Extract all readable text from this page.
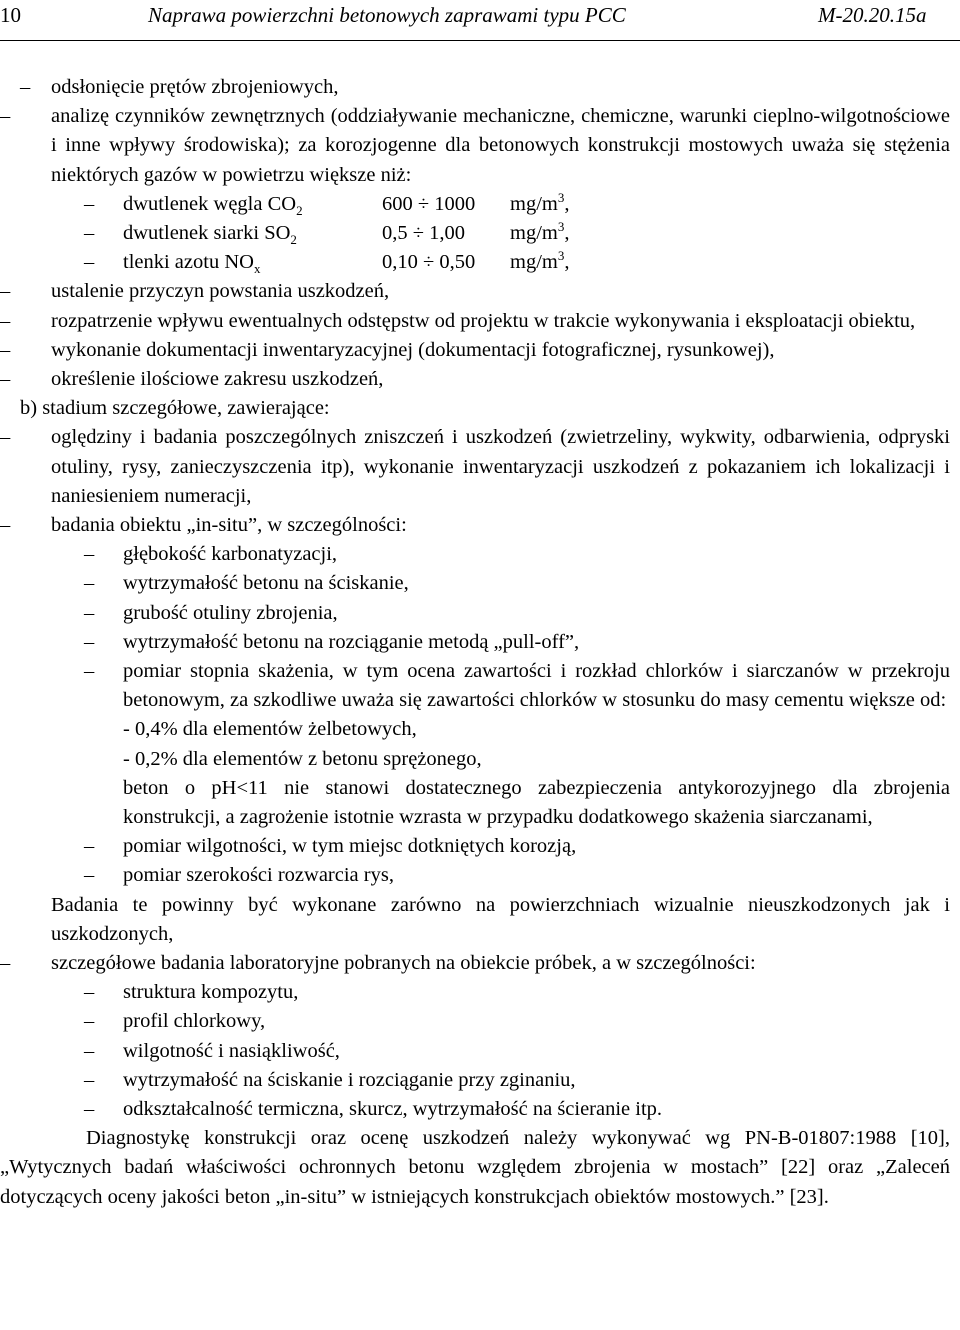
10	Naprawa powierzchni betonowych zaprawami typu PCC	M-20.20.15a

– odsłonięcie prętów zbrojeniowych,

– analizę czynników zewnętrznych (oddziaływanie mechaniczne, chemiczne, warunki cieplno-wilgotnościowe i inne wpływy środowiska); za korozjogenne dla betonowych konstrukcji mostowych uważa się stężenia niektórych gazów w powietrzu większe niż:

– dwutlenek węgla $CO_2$	600 ÷ 1000 $mg/m^3$,
– dwutlenek siarki $SO_2$	0,5 ÷ 1,00 $mg/m^3$,
– tlenki azotu $NO_x$	0,10 ÷ 0,50 $mg/m^3$,

– ustalenie przyczyn powstania uszkodzeń,

– rozpatrzenie wpływu ewentualnych odstępstw od projektu w trakcie wykonywania i eksploatacji obiektu,

– wykonanie dokumentacji inwentaryzacyjnej (dokumentacji fotograficznej, rysunkowej),

– określenie ilościowe zakresu uszkodzeń,

b) stadium szczegółowe, zawierające:

– oględziny i badania poszczególnych zniszczeń i uszkodzeń (zwietrzeliny, wykwity, odbarwienia, odpryski otuliny, rysy, zanieczyszczenia itp), wykonanie inwentaryzacji uszkodzeń z pokazaniem ich lokalizacji i naniesieniem numeracji,

– badania obiektu „in-situ”, w szczególności:

– głębokość karbonatyzacji,

– wytrzymałość betonu na ściskanie,

– grubość otuliny zbrojenia,

– wytrzymałość betonu na rozciąganie metodą „pull-off”,

– pomiar stopnia skażenia, w tym ocena zawartości i rozkład chlorków i siarczanów w przekroju betonowym, za szkodliwe uważa się zawartości chlorków w stosunku do masy cementu większe od:

- 0,4% dla elementów żelbetowych,

- 0,2% dla elementów z betonu sprężonego,

beton o pH<11 nie stanowi dostatecznego zabezpieczenia antykorozyjnego dla zbrojenia konstrukcji, a zagrożenie istotnie wzrasta w przypadku dodatkowego skażenia siarczanami,

– pomiar wilgotności, w tym miejsc dotkniętych korozją,

– pomiar szerokości rozwarcia rys,

Badania te powinny być wykonane zarówno na powierzchniach wizualnie nieuszkodzonych jak i uszkodzonych,

– szczegółowe badania laboratoryjne pobranych na obiekcie próbek, a w szczególności:

– struktura kompozytu,

– profil chlorkowy,

– wilgotność i nasiąkliwość,

– wytrzymałość na ściskanie i rozciąganie przy zginaniu,

– odkształcalność termiczna, skurcz, wytrzymałość na ścieranie itp.

Diagnostykę konstrukcji oraz ocenę uszkodzeń należy wykonywać wg PN-B-01807:1988 [10], „Wytycznych badań właściwości ochronnych betonu względem zbrojenia w mostach” [22] oraz „Zaleceń dotyczących oceny jakości beton „in-situ” w istniejących konstrukcjach obiektów mostowych.” [23].
